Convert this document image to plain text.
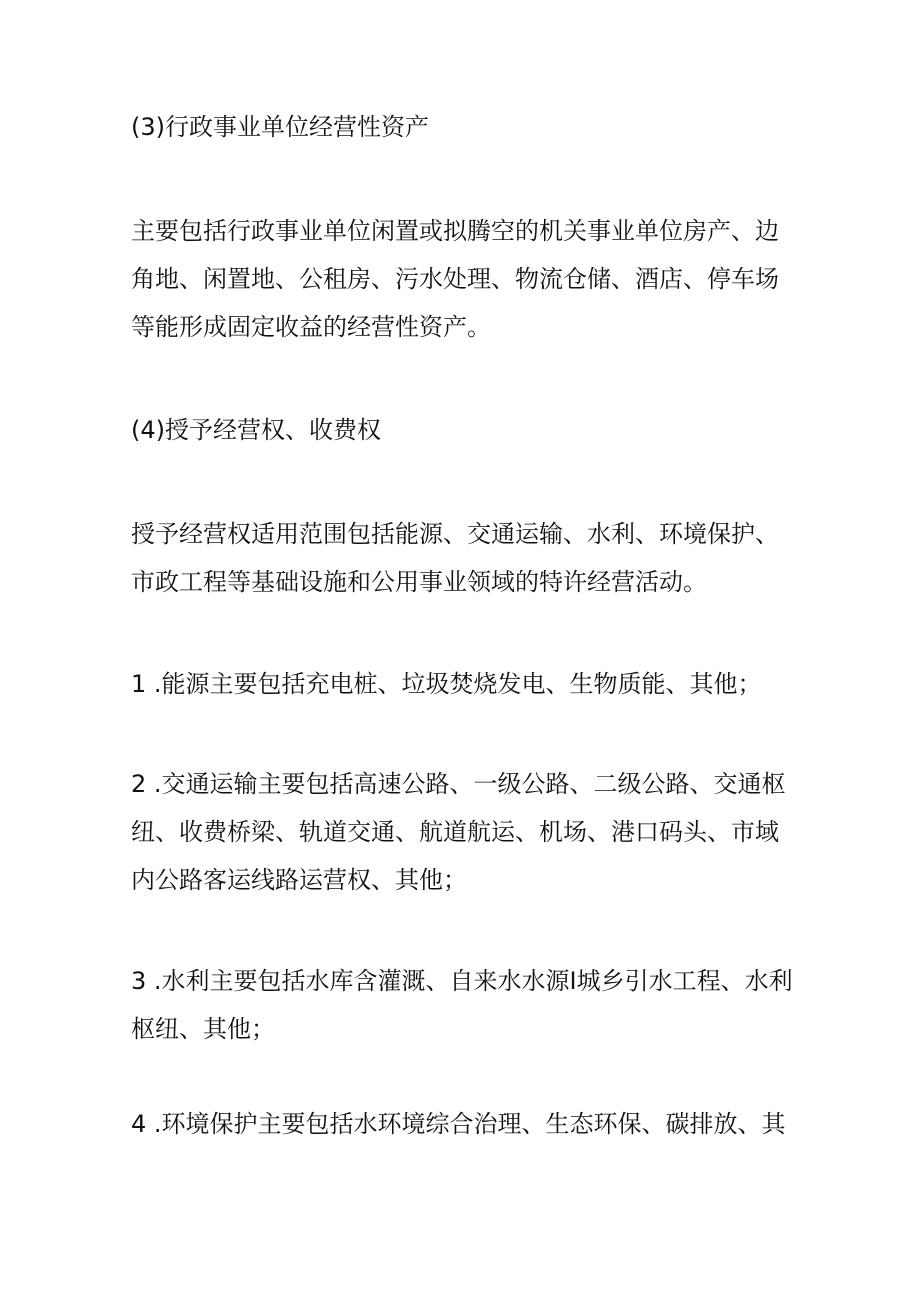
(3)行政事业单位经营性资产

主要包括行政事业单位闲置或拟腾空的机关事业单位房产、边角地、闲置地、公租房、污水处理、物流仓储、酒店、停车场等能形成固定收益的经营性资产。

(4)授予经营权、收费权

授予经营权适用范围包括能源、交通运输、水利、环境保护、市政工程等基础设施和公用事业领域的特许经营活动。

1 .能源主要包括充电桩、垃圾焚烧发电、生物质能、其他；

2 .交通运输主要包括高速公路、一级公路、二级公路、交通枢纽、收费桥梁、轨道交通、航道航运、机场、港口码头、市域内公路客运线路运营权、其他；

3 .水利主要包括水库含灌溉、自来水水源I城乡引水工程、水利枢纽、其他；

4 .环境保护主要包括水环境综合治理、生态环保、碳排放、其
